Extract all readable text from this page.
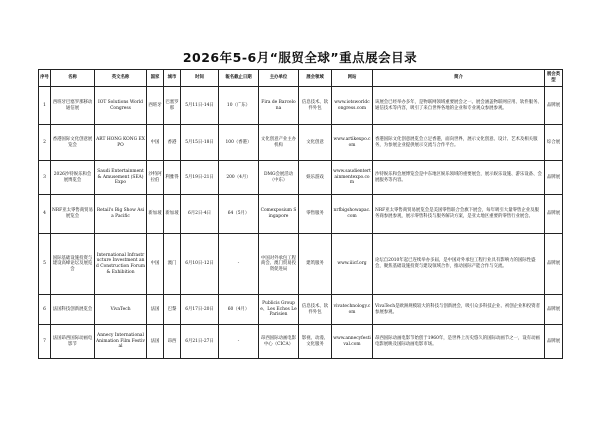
2026年5-6月“服贸全球”重点展会目录
序号	名称	英文名称	国家	城市	时间	報名截止日期	主办单位	展会领域	网站	简介	展会类型
1	西班牙巴塞罗那移动通信展	IOT Solutions World Congress	西班牙	巴塞罗那	5月11日-14日	10（广东）	Fira de Barcelona	信息技术、软件外包	www.iotsworldcongress.com	该展会已经举办多年，是物联网领域重要展会之一。展会涵盖物联网应用、软件服务、通信技术等内容，吸引了来自世界各地的企业和专业观众参展参观。	品牌展
2	香港国际文化创意展览会	ART HONG KONG EXPO	中国	香港	5月15日-18日	100（香港）	文化创意产业主办机构	文化创意	www.artikexpo.com	香港国际文化创意展览会立足香港，面向世界，展示文化创意、设计、艺术及相关服务，为参展企业提供展示交流与合作平台。	综合展
3	2026沙特娱乐和会展博览会	Saudi Entertainment & Amusement (SEA) Expo	沙特阿拉伯	利雅得	5月19日-21日	200（4月）	DMG会展活动（中东）	娱乐游戏	www.saudientertainmentexpo.com	沙特娱乐和会展博览会是中东地区娱乐领域的重要展会，展示娱乐设施、游乐设备、会展服务等内容。	品牌展
4	NRF亚太零售商贸易展览会	Retail's Big Show Asia Pacific	新加坡	新加坡	6月2日-4日	64（5月）	Comexposium Singapore	零售服务	nrfbigshowapac.com	NRF亚太零售商贸易展览会是美国零售联合会旗下展会，每年吸引大量零售企业及服务商参展参观，展示零售科技与服务解决方案，是亚太地区重要的零售行业展会。	品牌展
5	国际基础设施投资与建设高峰论坛及展览会	International Infrastructure Investment and Construction Forum & Exhibition	中国	澳门	6月10日-12日	-	中国对外承包工程商会、澳门贸易投资促进局	建筑服务	www.iiicf.org	论坛自2010年起已连续举办多届，是中国对外承包工程行业具有影响力的国际性盛会，聚焦基础设施投资与建设领域合作，推动国际产能合作与交流。	品牌展
6	法国科技创新展览会	VivaTech	法国	巴黎	6月17日-20日	60（4月）	Publicis Groupe、Les Echos Le Parisien	信息技术、软件外包	vivatechnology.com	VivaTech是欧洲规模较大的科技与创新展会，吸引众多科技企业、初创企业和投资者参展参观。	品牌展
7	法国昂西国际动画电影节	Annecy International Animation Film Festival	法国	昂西	6月21日-27日	-	昂西国际动画电影中心（CICA）	影视、动漫、文化服务	www.annecyfestival.com	昂西国际动画电影节始创于1960年，是世界上历史悠久的国际动画节之一，设有动画电影展映及国际动画电影市场。	品牌展
